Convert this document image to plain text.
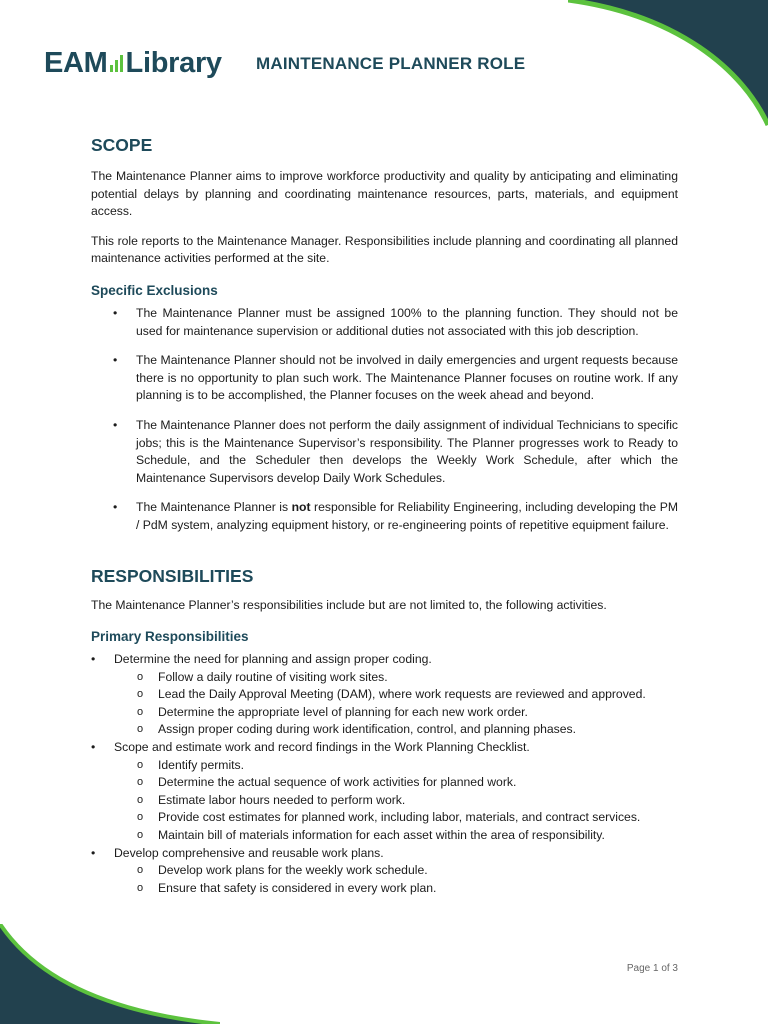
EAM Library MAINTENANCE PLANNER ROLE
SCOPE

The Maintenance Planner aims to improve workforce productivity and quality by anticipating and eliminating potential delays by planning and coordinating maintenance resources, parts, materials, and equipment access.

This role reports to the Maintenance Manager. Responsibilities include planning and coordinating all planned maintenance activities performed at the site.

Specific Exclusions
• The Maintenance Planner must be assigned 100% to the planning function. They should not be used for maintenance supervision or additional duties not associated with this job description.
• The Maintenance Planner should not be involved in daily emergencies and urgent requests because there is no opportunity to plan such work. The Maintenance Planner focuses on routine work. If any planning is to be accomplished, the Planner focuses on the week ahead and beyond.
• The Maintenance Planner does not perform the daily assignment of individual Technicians to specific jobs; this is the Maintenance Supervisor’s responsibility. The Planner progresses work to Ready to Schedule, and the Scheduler then develops the Weekly Work Schedule, after which the Maintenance Supervisors develop Daily Work Schedules.
• The Maintenance Planner is not responsible for Reliability Engineering, including developing the PM / PdM system, analyzing equipment history, or re-engineering points of repetitive equipment failure.
RESPONSIBILITIES

The Maintenance Planner’s responsibilities include but are not limited to, the following activities.

Primary Responsibilities
• Determine the need for planning and assign proper coding.
o Follow a daily routine of visiting work sites.
o Lead the Daily Approval Meeting (DAM), where work requests are reviewed and approved.
o Determine the appropriate level of planning for each new work order.
o Assign proper coding during work identification, control, and planning phases.
• Scope and estimate work and record findings in the Work Planning Checklist.
o Identify permits.
o Determine the actual sequence of work activities for planned work.
o Estimate labor hours needed to perform work.
o Provide cost estimates for planned work, including labor, materials, and contract services.
o Maintain bill of materials information for each asset within the area of responsibility.
• Develop comprehensive and reusable work plans.
o Develop work plans for the weekly work schedule.
o Ensure that safety is considered in every work plan.
Page 1 of 3
